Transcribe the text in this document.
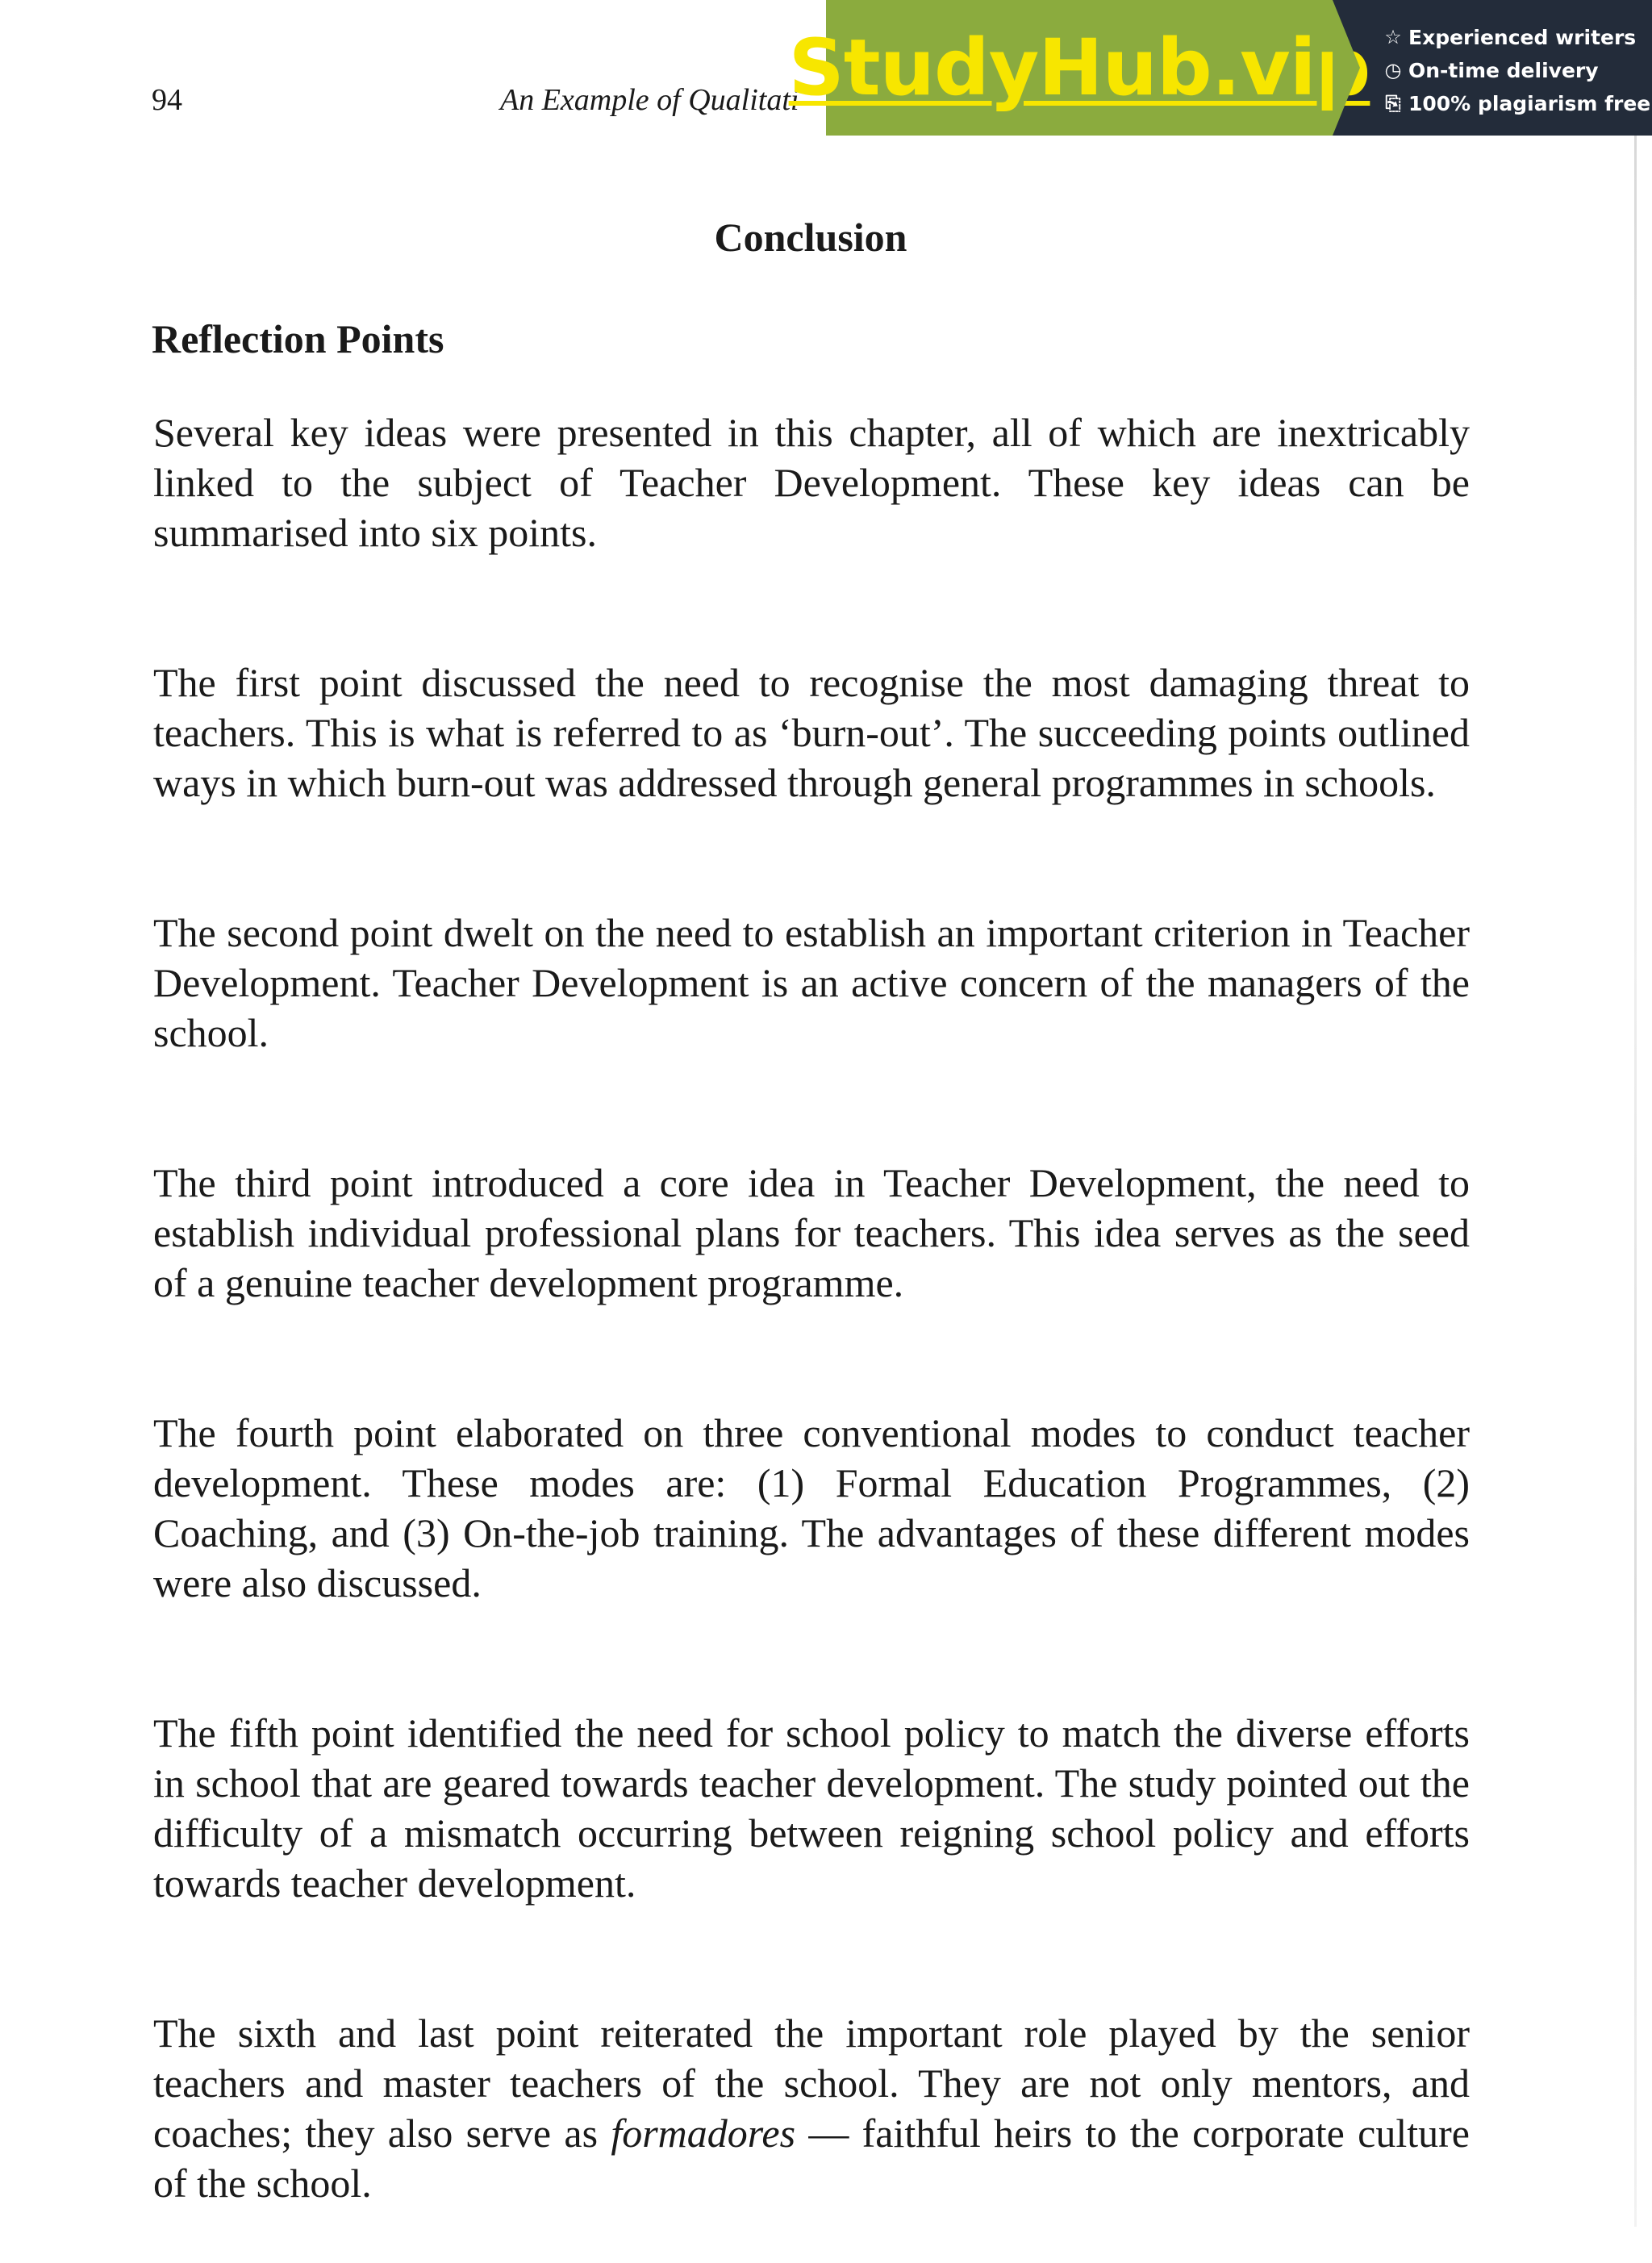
94	An Example of Qualitati
StudyHub.vip ☆ Experienced writers
◷ On-time delivery
⎘ 100% plagiarism free
Conclusion
Reflection Points

Several key ideas were presented in this chapter, all of which are inextricably linked to the subject of Teacher Development. These key ideas can be summarised into six points.

The first point discussed the need to recognise the most damaging threat to teachers. This is what is referred to as ‘burn-out’. The succeeding points outlined ways in which burn-out was addressed through general programmes in schools.

The second point dwelt on the need to establish an important criterion in Teacher Development. Teacher Development is an active concern of the managers of the school.

The third point introduced a core idea in Teacher Development, the need to establish individual professional plans for teachers. This idea serves as the seed of a genuine teacher development programme.

The fourth point elaborated on three conventional modes to conduct teacher development. These modes are: (1) Formal Education Programmes, (2) Coaching, and (3) On-the-job training. The advantages of these different modes were also discussed.

The fifth point identified the need for school policy to match the diverse efforts in school that are geared towards teacher development. The study pointed out the difficulty of a mismatch occurring between reigning school policy and efforts towards teacher development.

The sixth and last point reiterated the important role played by the senior teachers and master teachers of the school. They are not only mentors, and coaches; they also serve as formadores — faithful heirs to the corporate culture of the school.
